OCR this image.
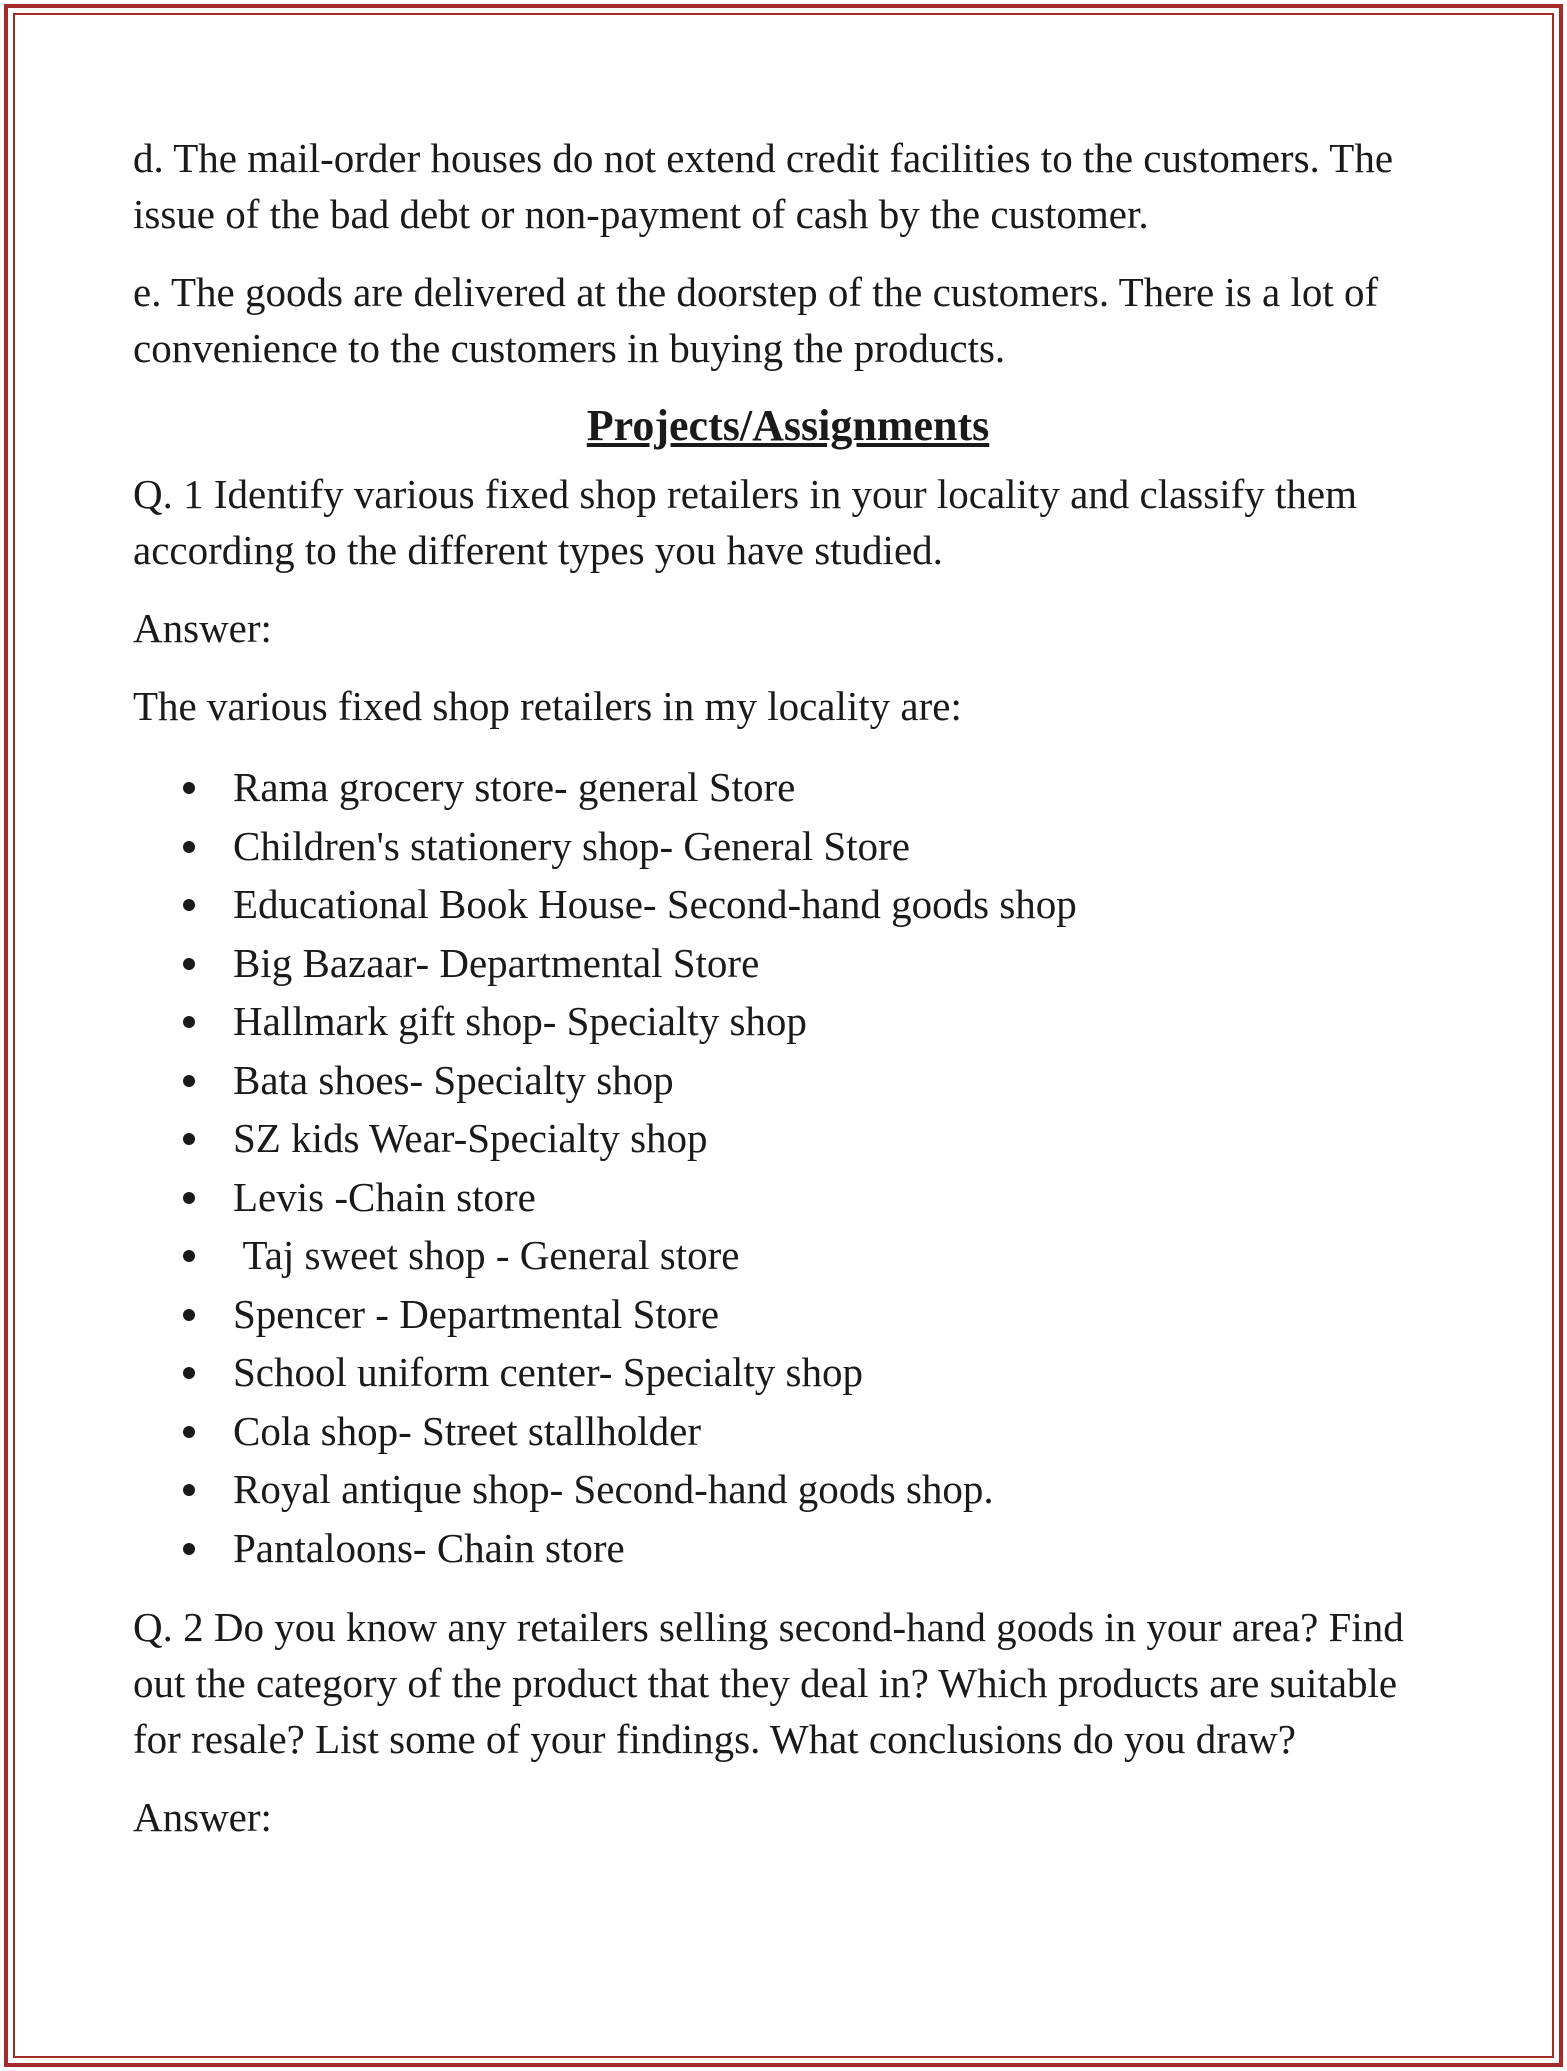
d. The mail-order houses do not extend credit facilities to the customers. The issue of the bad debt or non-payment of cash by the customer.

e. The goods are delivered at the doorstep of the customers. There is a lot of convenience to the customers in buying the products.

Projects/Assignments

Q. 1 Identify various fixed shop retailers in your locality and classify them according to the different types you have studied.

Answer:

The various fixed shop retailers in my locality are:

Rama grocery store- general Store
Children's stationery shop- General Store
Educational Book House- Second-hand goods shop
Big Bazaar- Departmental Store
Hallmark gift shop- Specialty shop
Bata shoes- Specialty shop
SZ kids Wear-Specialty shop
Levis -Chain store
Taj sweet shop - General store
Spencer - Departmental Store
School uniform center- Specialty shop
Cola shop- Street stallholder
Royal antique shop- Second-hand goods shop.
Pantaloons- Chain store

Q. 2 Do you know any retailers selling second-hand goods in your area? Find out the category of the product that they deal in? Which products are suitable for resale? List some of your findings. What conclusions do you draw?

Answer:
